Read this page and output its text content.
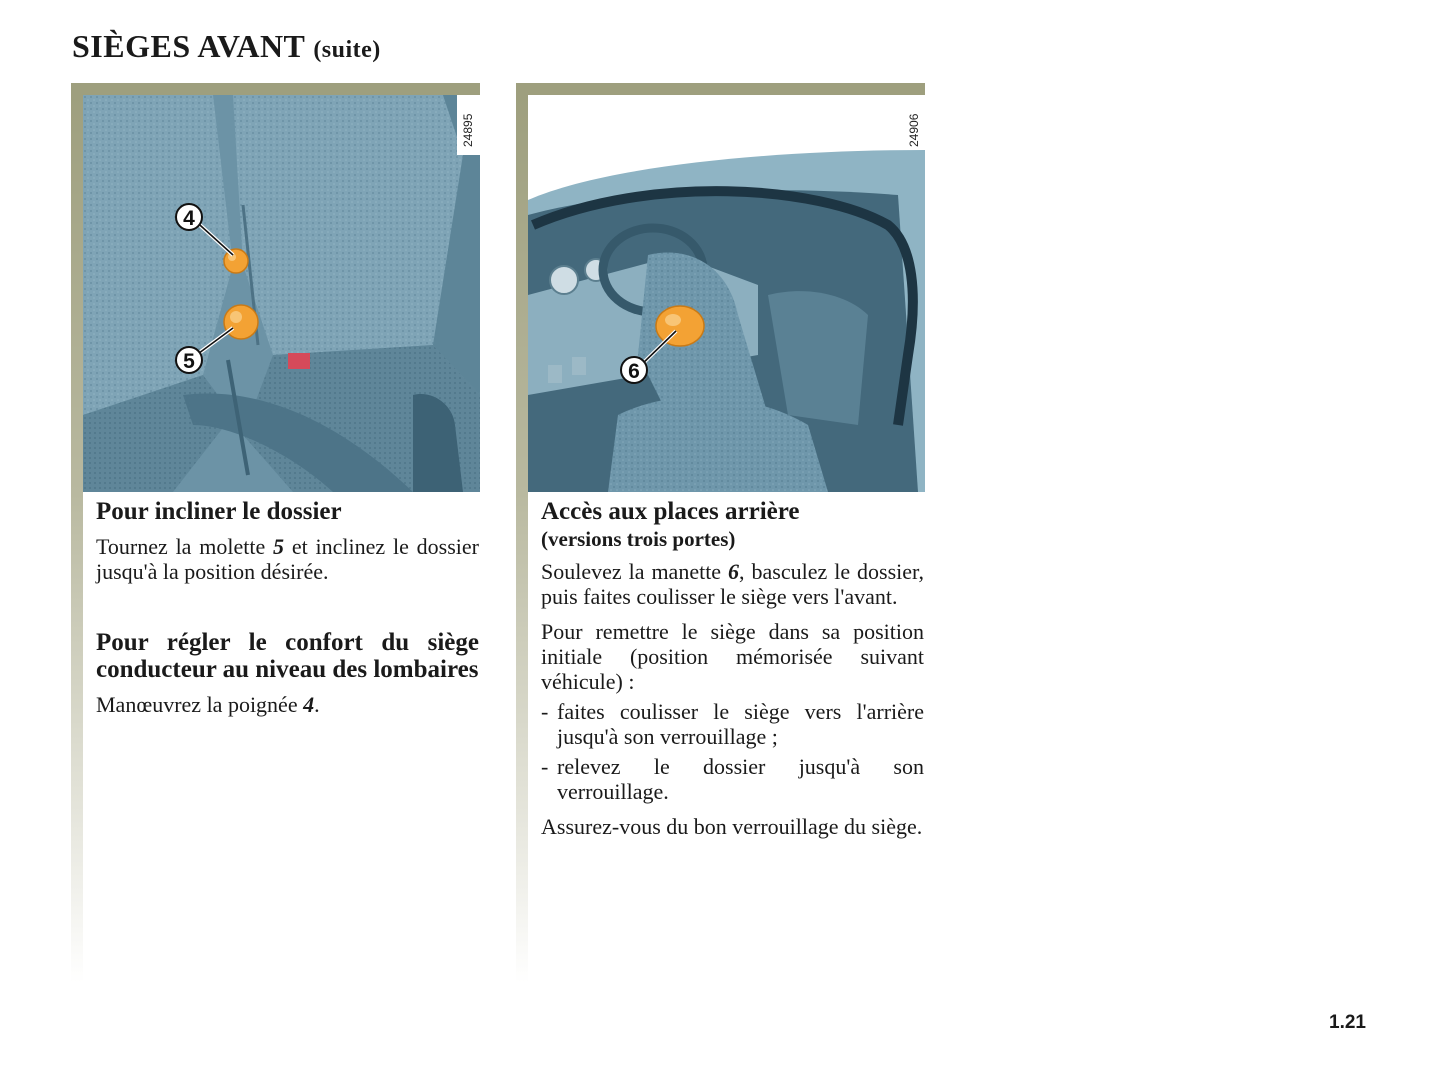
SIÈGES AVANT (suite)
4
5
24895

Pour incliner le dossier

Tournez la molette 5 et inclinez le dossier jusqu'à la position désirée.

Pour régler le confort du siège conducteur au niveau des lombaires

Manœuvrez la poignée 4.

6
24906

Accès aux places arrière

(versions trois portes)

Soulevez la manette 6, basculez le dossier, puis faites coulisser le siège vers l'avant.

Pour remettre le siège dans sa position initiale (position mémorisée suivant véhicule) :

- faites coulisser le siège vers l'arrière jusqu'à son verrouillage ;
- relevez le dossier jusqu'à son verrouillage.

Assurez-vous du bon verrouillage du siège.

1.21
